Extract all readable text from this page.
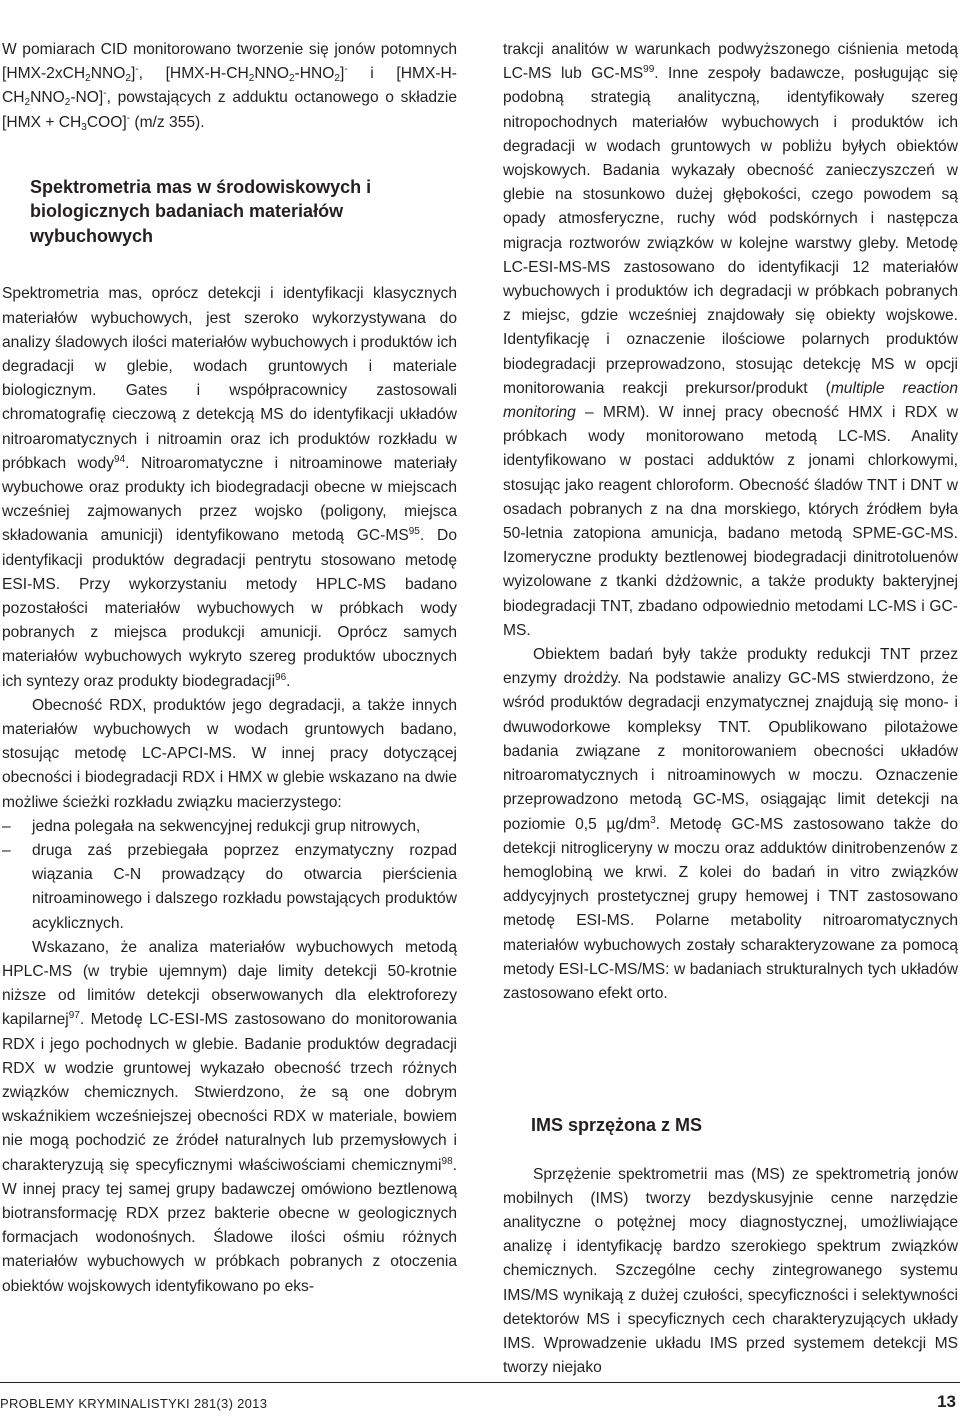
W pomiarach CID monitorowano tworzenie się jonów potomnych $[HMX-2xCH_2NNO_2]^-$, $[HMX-H-CH_2NNO_2-HNO_2]^-$ i $[HMX-H-CH_2NNO_2-NO]^-$, powstających z adduktu octanowego o składzie $[HMX + CH_3COO]^-$ (m/z 355).

Spektrometria mas w środowiskowych i biologicznych badaniach materiałów wybuchowych

Spektrometria mas, oprócz detekcji i identyfikacji klasycznych materiałów wybuchowych, jest szeroko wykorzystywana do analizy śladowych ilości materiałów wybuchowych i produktów ich degradacji w glebie, wodach gruntowych i materiale biologicznym. Gates i współpracownicy zastosowali chromatografię cieczową z detekcją MS do identyfikacji układów nitroaromatycznych i nitroamin oraz ich produktów rozkładu w próbkach wody$^{94}$. Nitroaromatyczne i nitroaminowe materiały wybuchowe oraz produkty ich biodegradacji obecne w miejscach wcześniej zajmowanych przez wojsko (poligony, miejsca składowania amunicji) identyfikowano metodą GC-MS$^{95}$. Do identyfikacji produktów degradacji pentrytu stosowano metodę ESI-MS. Przy wykorzystaniu metody HPLC-MS badano pozostałości materiałów wybuchowych w próbkach wody pobranych z miejsca produkcji amunicji. Oprócz samych materiałów wybuchowych wykryto szereg produktów ubocznych ich syntezy oraz produkty biodegradacji$^{96}$.

Obecność RDX, produktów jego degradacji, a także innych materiałów wybuchowych w wodach gruntowych badano, stosując metodę LC-APCI-MS. W innej pracy dotyczącej obecności i biodegradacji RDX i HMX w glebie wskazano na dwie możliwe ścieżki rozkładu związku macierzystego:

– jedna polegała na sekwencyjnej redukcji grup nitrowych,
– druga zaś przebiegała poprzez enzymatyczny rozpad wiązania C-N prowadzący do otwarcia pierścienia nitroaminowego i dalszego rozkładu powstających produktów acyklicznych.

Wskazano, że analiza materiałów wybuchowych metodą HPLC-MS (w trybie ujemnym) daje limity detekcji 50-krotnie niższe od limitów detekcji obserwowanych dla elektroforezy kapilarnej$^{97}$. Metodę LC-ESI-MS zastosowano do monitorowania RDX i jego pochodnych w glebie. Badanie produktów degradacji RDX w wodzie gruntowej wykazało obecność trzech różnych związków chemicznych. Stwierdzono, że są one dobrym wskaźnikiem wcześniejszej obecności RDX w materiale, bowiem nie mogą pochodzić ze źródeł naturalnych lub przemysłowych i charakteryzują się specyficznymi właściwościami chemicznymi$^{98}$. W innej pracy tej samej grupy badawczej omówiono beztlenową biotransformację RDX przez bakterie obecne w geologicznych formacjach wodonośnych. Śladowe ilości ośmiu różnych materiałów wybuchowych w próbkach pobranych z otoczenia obiektów wojskowych identyfikowano po eks-

trakcji analitów w warunkach podwyższonego ciśnienia metodą LC-MS lub GC-MS$^{99}$. Inne zespoły badawcze, posługując się podobną strategią analityczną, identyfikowały szereg nitropochodnych materiałów wybuchowych i produktów ich degradacji w wodach gruntowych w pobliżu byłych obiektów wojskowych. Badania wykazały obecność zanieczyszczeń w glebie na stosunkowo dużej głębokości, czego powodem są opady atmosferyczne, ruchy wód podskórnych i następcza migracja roztworów związków w kolejne warstwy gleby. Metodę LC-ESI-MS-MS zastosowano do identyfikacji 12 materiałów wybuchowych i produktów ich degradacji w próbkach pobranych z miejsc, gdzie wcześniej znajdowały się obiekty wojskowe. Identyfikację i oznaczenie ilościowe polarnych produktów biodegradacji przeprowadzono, stosując detekcję MS w opcji monitorowania reakcji prekursor/produkt (multiple reaction monitoring – MRM). W innej pracy obecność HMX i RDX w próbkach wody monitorowano metodą LC-MS. Anality identyfikowano w postaci adduktów z jonami chlorkowymi, stosując jako reagent chloroform. Obecność śladów TNT i DNT w osadach pobranych z na dna morskiego, których źródłem była 50-letnia zatopiona amunicja, badano metodą SPME-GC-MS. Izomeryczne produkty beztlenowej biodegradacji dinitrotoluenów wyizolowane z tkanki dżdżownic, a także produkty bakteryjnej biodegradacji TNT, zbadano odpowiednio metodami LC-MS i GC-MS.

Obiektem badań były także produkty redukcji TNT przez enzymy drożdży. Na podstawie analizy GC-MS stwierdzono, że wśród produktów degradacji enzymatycznej znajdują się mono- i dwuwodorkowe kompleksy TNT. Opublikowano pilotażowe badania związane z monitorowaniem obecności układów nitroaromatycznych i nitroaminowych w moczu. Oznaczenie przeprowadzono metodą GC-MS, osiągając limit detekcji na poziomie 0,5 $\mu g/dm^3$. Metodę GC-MS zastosowano także do detekcji nitrogliceryny w moczu oraz adduktów dinitrobenzenów z hemoglobiną we krwi. Z kolei do badań in vitro związków addycyjnych prostetycznej grupy hemowej i TNT zastosowano metodę ESI-MS. Polarne metabolity nitroaromatycznych materiałów wybuchowych zostały scharakteryzowane za pomocą metody ESI-LC-MS/MS: w badaniach strukturalnych tych układów zastosowano efekt orto.

IMS sprzężona z MS

Sprzężenie spektrometrii mas (MS) ze spektrometrią jonów mobilnych (IMS) tworzy bezdyskusyjnie cenne narzędzie analityczne o potężnej mocy diagnostycznej, umożliwiające analizę i identyfikację bardzo szerokiego spektrum związków chemicznych. Szczególne cechy zintegrowanego systemu IMS/MS wynikają z dużej czułości, specyficzności i selektywności detektorów MS i specyficznych cech charakteryzujących układy IMS. Wprowadzenie układu IMS przed systemem detekcji MS tworzy niejako

PROBLEMY KRYMINALISTYKI 281(3) 2013	13
